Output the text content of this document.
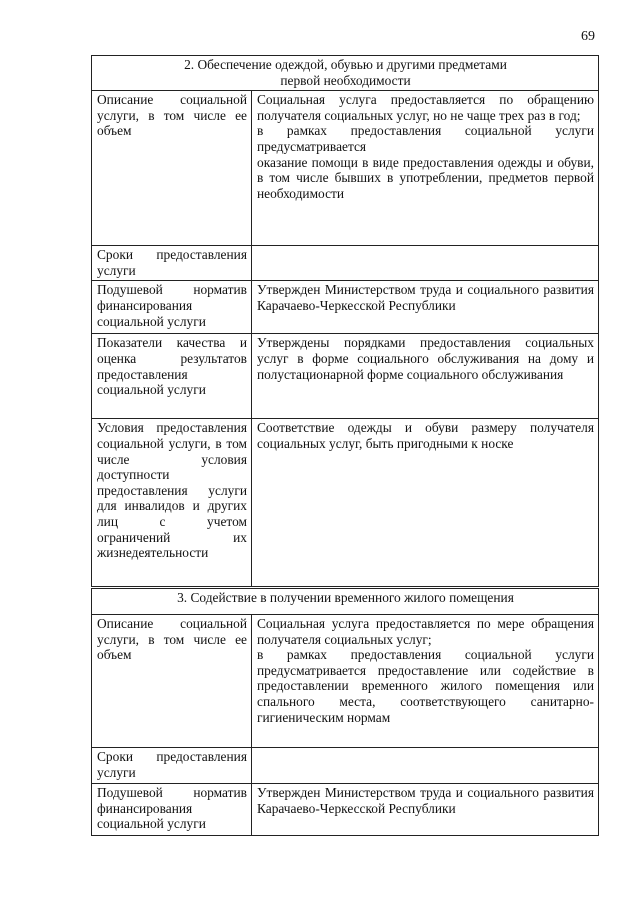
69
2. Обеспечение одеждой, обувью и другими предметами
первой необходимости	
Описание социальной услуги, в том числе ее объем	Социальная услуга предоставляется по обращению получателя социальных услуг, но не чаще трех раз в год;
в рамках предоставления социальной услуги предусматривается
оказание помощи в виде предоставления одежды и обуви, в том числе бывших в употреблении, предметов первой необходимости

Сроки предоставления услуги	
Подушевой норматив финансирования социальной услуги	Утвержден Министерством труда и социального развития Карачаево-Черкесской Республики
Показатели качества и оценка результатов предоставления социальной услуги	Утверждены порядками предоставления социальных услуг в форме социального обслуживания на дому и полустационарной форме социального обслуживания
Условия предоставления социальной услуги, в том числе условия доступности предоставления услуги для инвалидов и других лиц с учетом ограничений их жизнедеятельности	Соответствие одежды и обуви размеру получателя социальных услуг, быть пригодными к носке
3. Содействие в получении временного жилого помещения	
Описание социальной услуги, в том числе ее объем	Социальная услуга предоставляется по мере обращения получателя социальных услуг;
в рамках предоставления социальной услуги предусматривается предоставление или содействие в предоставлении временного жилого помещения или спального места, соответствующего санитарно-гигиеническим нормам

Сроки предоставления услуги	
Подушевой норматив финансирования социальной услуги	Утвержден Министерством труда и социального развития Карачаево-Черкесской Республики
